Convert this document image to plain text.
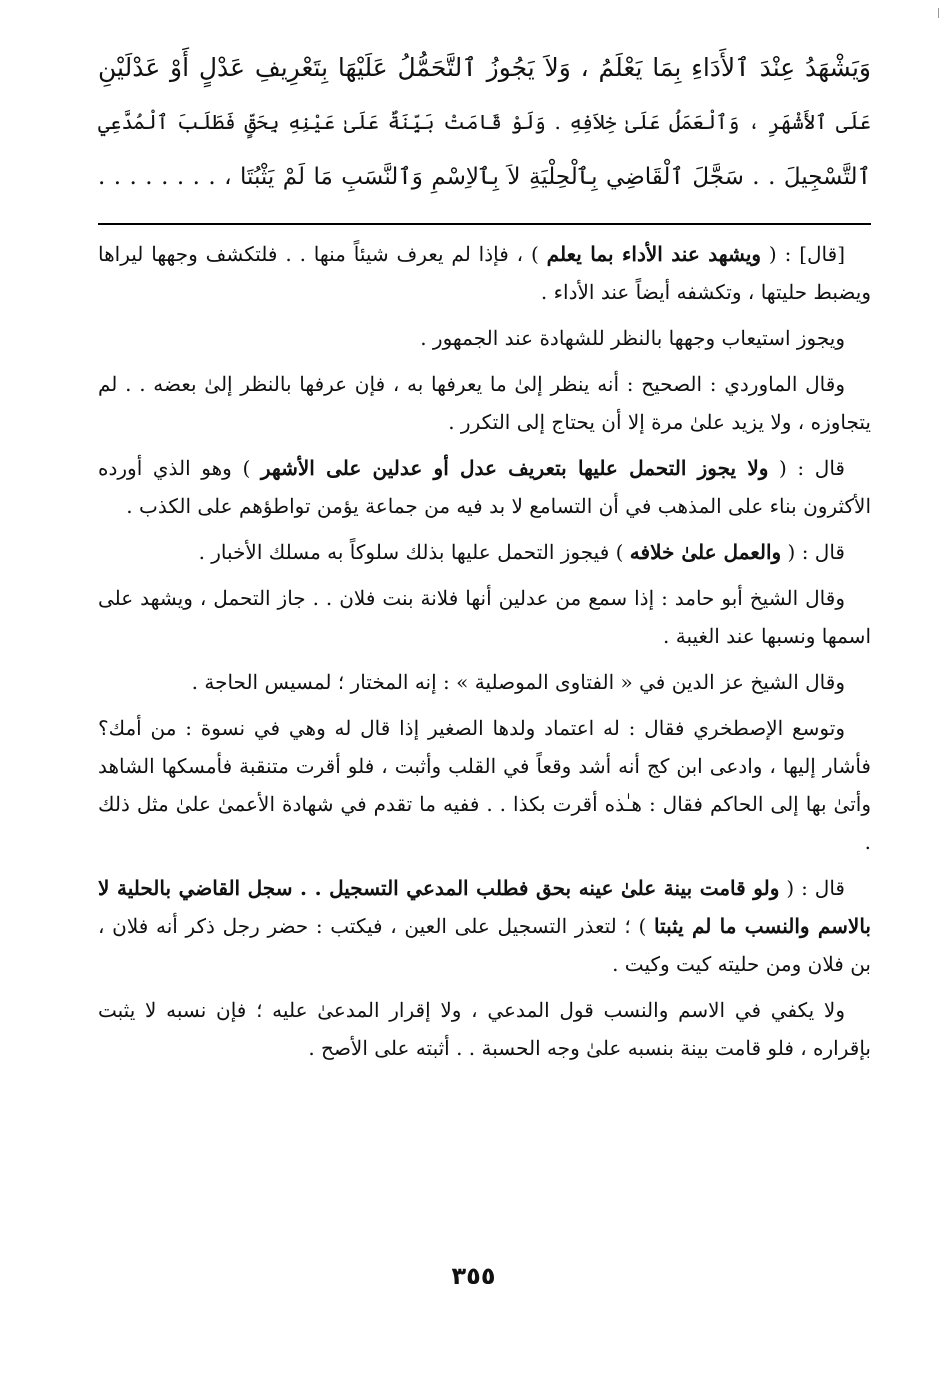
وَيَشْهَدُ عِنْدَ ٱلأَدَاءِ بِمَا يَعْلَمُ ، وَلاَ يَجُوزُ ٱلتَّحَمُّلُ عَلَيْهَا بِتَعْرِيفِ عَدْلٍ أَوْ عَدْلَيْنِ
عَلَى ٱلأَشْهَرِ ، وَٱلْعَمَلُ عَلَىٰ خِلاَفِهِ . وَلَوْ قَامَتْ بَيِّنَةٌ عَلَىٰ عَيْنِهِ بِحَقٍّ فَطَلَبَ ٱلْمُدَّعِي
ٱلتَّسْجِيلَ . . سَجَّلَ ٱلْقَاضِي بِٱلْحِلْيَةِ لاَ بِٱلاِسْمِ وَٱلنَّسَبِ مَا لَمْ يَثْبُتَا ، . . . . . . . .

[قال] : ( ويشهد عند الأداء بما يعلم ) ، فإذا لم يعرف شيئاً منها . . فلتكشف وجهها ليراها ويضبط حليتها ، وتكشفه أيضاً عند الأداء .

ويجوز استيعاب وجهها بالنظر للشهادة عند الجمهور .

وقال الماوردي : الصحيح : أنه ينظر إلىٰ ما يعرفها به ، فإن عرفها بالنظر إلىٰ بعضه . . لم يتجاوزه ، ولا يزيد علىٰ مرة إلا أن يحتاج إلى التكرر .

قال : ( ولا يجوز التحمل عليها بتعريف عدل أو عدلين على الأشهر ) وهو الذي أورده الأكثرون بناء على المذهب في أن التسامع لا بد فيه من جماعة يؤمن تواطؤهم على الكذب .

قال : ( والعمل علىٰ خلافه ) فيجوز التحمل عليها بذلك سلوكاً به مسلك الأخبار .

وقال الشيخ أبو حامد : إذا سمع من عدلين أنها فلانة بنت فلان . . جاز التحمل ، ويشهد على اسمها ونسبها عند الغيبة .

وقال الشيخ عز الدين في « الفتاوى الموصلية » : إنه المختار ؛ لمسيس الحاجة .

وتوسع الإصطخري فقال : له اعتماد ولدها الصغير إذا قال له وهي في نسوة : من أمك؟ فأشار إليها ، وادعى ابن كج أنه أشد وقعاً في القلب وأثبت ، فلو أقرت متنقبة فأمسكها الشاهد وأتىٰ بها إلى الحاكم فقال : هـٰذه أقرت بكذا . . ففيه ما تقدم في شهادة الأعمىٰ علىٰ مثل ذلك .

قال : ( ولو قامت بينة علىٰ عينه بحق فطلب المدعي التسجيل . . سجل القاضي بالحلية لا بالاسم والنسب ما لم يثبتا ) ؛ لتعذر التسجيل على العين ، فيكتب : حضر رجل ذكر أنه فلان ، بن فلان ومن حليته كيت وكيت .

ولا يكفي في الاسم والنسب قول المدعي ، ولا إقرار المدعىٰ عليه ؛ فإن نسبه لا يثبت بإقراره ، فلو قامت بينة بنسبه علىٰ وجه الحسبة . . أثبته على الأصح .

٣٥٥
